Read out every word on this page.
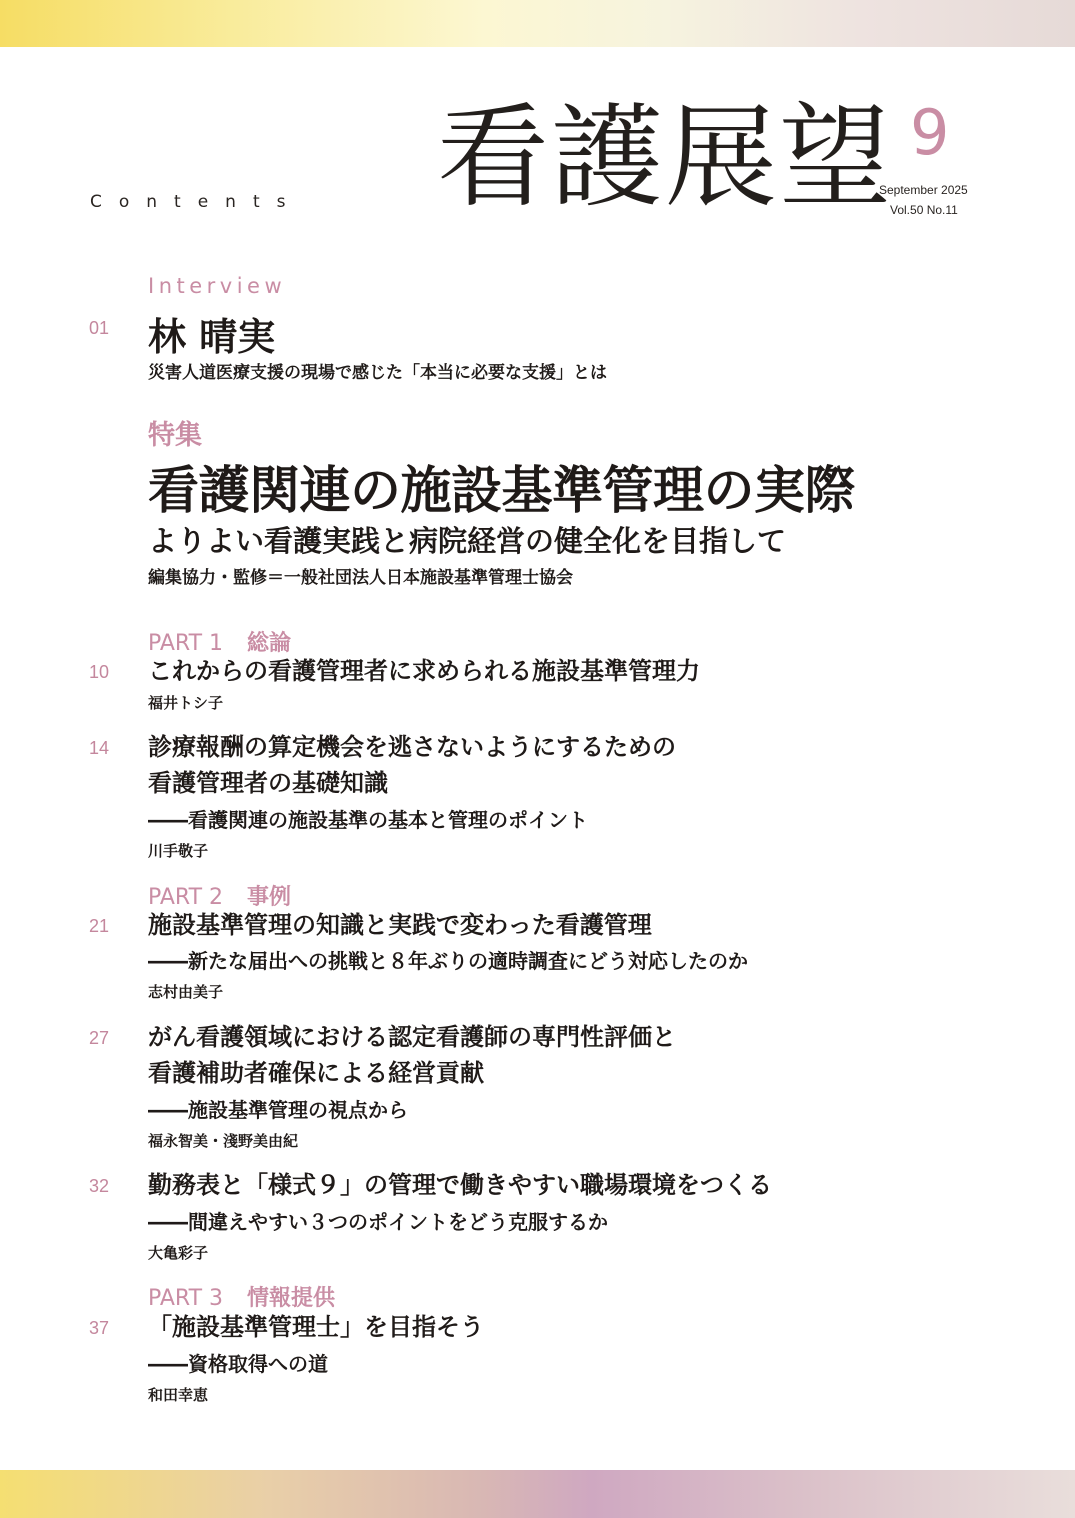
Contents 看護展望 9
September 2025
Vol.50 No.11
Interview
01 林 晴実
災害人道医療支援の現場で感じた「本当に必要な支援」とは
特集
看護関連の施設基準管理の実際
よりよい看護実践と病院経営の健全化を目指して
編集協力・監修＝一般社団法人日本施設基準管理士協会
PART 1 総論
10 これからの看護管理者に求められる施設基準管理力
福井トシ子
14 診療報酬の算定機会を逃さないようにするための
看護管理者の基礎知識
――看護関連の施設基準の基本と管理のポイント
川手敬子
PART 2 事例
21 施設基準管理の知識と実践で変わった看護管理
――新たな届出への挑戦と８年ぶりの適時調査にどう対応したのか
志村由美子
27 がん看護領域における認定看護師の専門性評価と
看護補助者確保による経営貢献
――施設基準管理の視点から
福永智美・淺野美由紀
32 勤務表と「様式９」の管理で働きやすい職場環境をつくる
――間違えやすい３つのポイントをどう克服するか
大亀彩子
PART 3 情報提供
37 「施設基準管理士」を目指そう
――資格取得への道
和田幸恵
